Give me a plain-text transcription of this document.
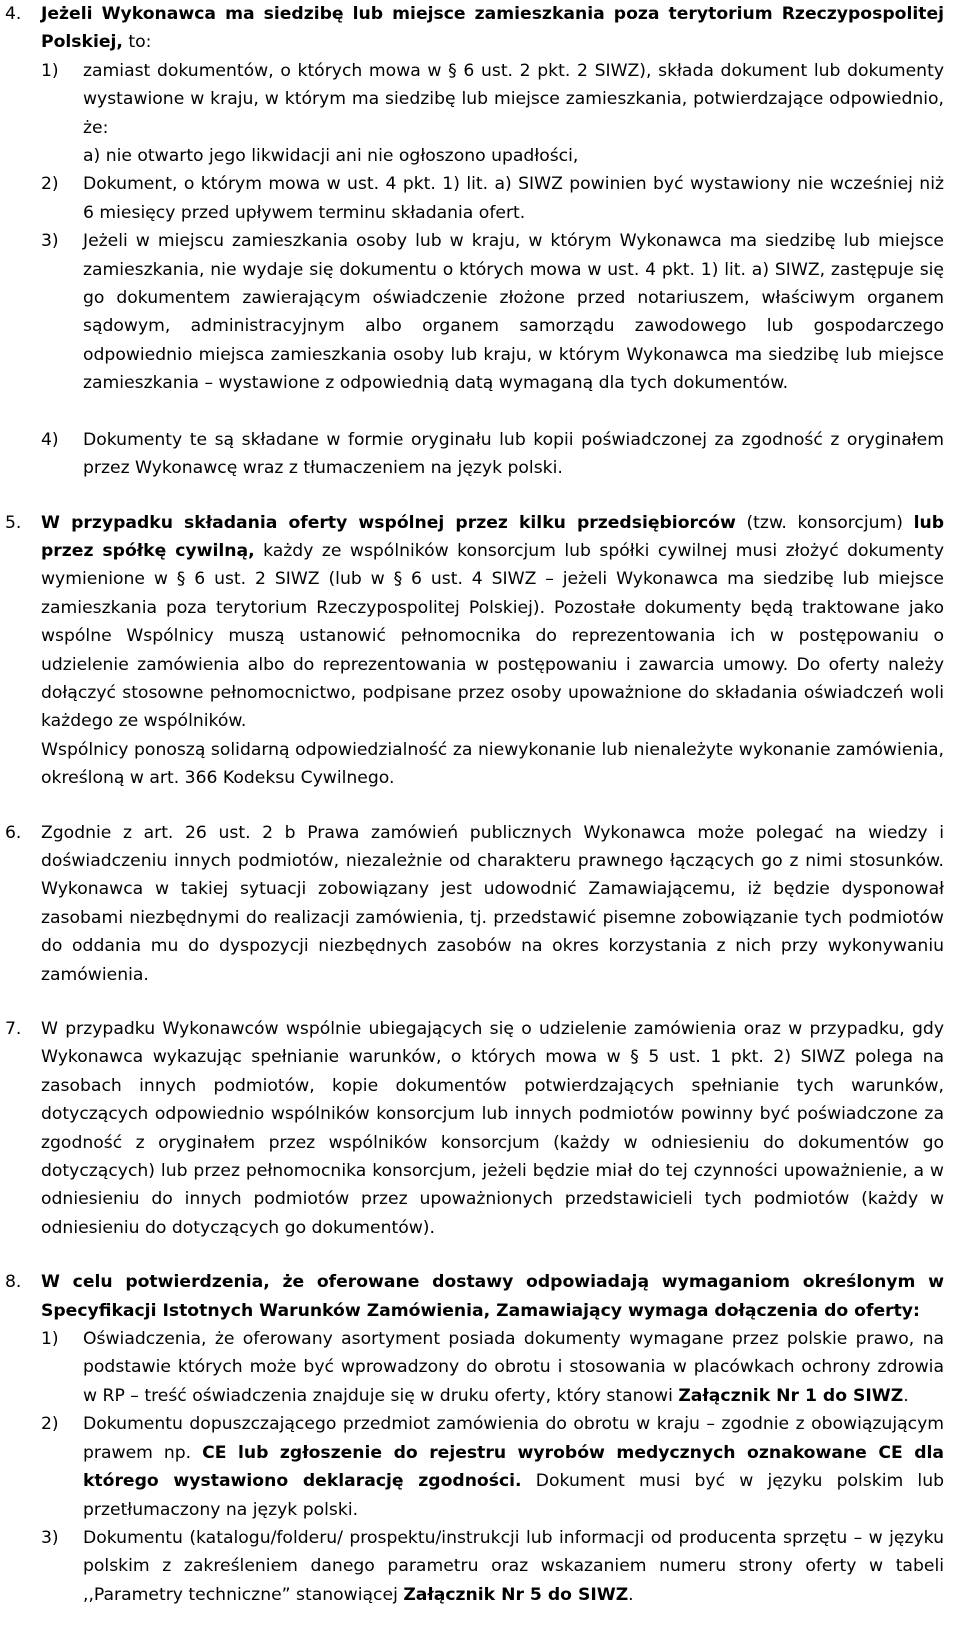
4.	Jeżeli Wykonawca ma siedzibę lub miejsce zamieszkania poza terytorium Rzeczypospolitej Polskiej, to:

1)	zamiast dokumentów, o których mowa w § 6 ust. 2 pkt. 2 SIWZ), składa dokument lub dokumenty wystawione w kraju, w którym ma siedzibę lub miejsce zamieszkania, potwierdzające odpowiednio, że:

a) nie otwarto jego likwidacji ani nie ogłoszono upadłości,

2)	Dokument, o którym mowa w ust. 4 pkt. 1) lit. a) SIWZ powinien być wystawiony nie wcześniej niż 6 miesięcy przed upływem terminu składania ofert.
3)	Jeżeli w miejscu zamieszkania osoby lub w kraju, w którym Wykonawca ma siedzibę lub miejsce zamieszkania, nie wydaje się dokumentu o których mowa w ust. 4 pkt. 1) lit. a) SIWZ, zastępuje się go dokumentem zawierającym oświadczenie złożone przed notariuszem, właściwym organem sądowym, administracyjnym albo organem samorządu zawodowego lub gospodarczego odpowiednio miejsca zamieszkania osoby lub kraju, w którym Wykonawca ma siedzibę lub miejsce zamieszkania – wystawione z odpowiednią datą wymaganą dla tych dokumentów.
4)	Dokumenty te są składane w formie oryginału lub kopii poświadczonej za zgodność z oryginałem przez Wykonawcę wraz z tłumaczeniem na język polski.
5.	W przypadku składania oferty wspólnej przez kilku przedsiębiorców (tzw. konsorcjum) lub przez spółkę cywilną, każdy ze wspólników konsorcjum lub spółki cywilnej musi złożyć dokumenty wymienione w § 6 ust. 2 SIWZ (lub w § 6 ust. 4 SIWZ – jeżeli Wykonawca ma siedzibę lub miejsce zamieszkania poza terytorium Rzeczypospolitej Polskiej). Pozostałe dokumenty będą traktowane jako wspólne Wspólnicy muszą ustanowić pełnomocnika do reprezentowania ich w postępowaniu o udzielenie zamówienia albo do reprezentowania w postępowaniu i zawarcia umowy. Do oferty należy dołączyć stosowne pełnomocnictwo, podpisane przez osoby upoważnione do składania oświadczeń woli każdego ze wspólników.

Wspólnicy ponoszą solidarną odpowiedzialność za niewykonanie lub nienależyte wykonanie zamówienia, określoną w art. 366 Kodeksu Cywilnego.

6.	Zgodnie z art. 26 ust. 2 b Prawa zamówień publicznych Wykonawca może polegać na wiedzy i doświadczeniu innych podmiotów, niezależnie od charakteru prawnego łączących go z nimi stosunków. Wykonawca w takiej sytuacji zobowiązany jest udowodnić Zamawiającemu, iż będzie dysponował zasobami niezbędnymi do realizacji zamówienia, tj. przedstawić pisemne zobowiązanie tych podmiotów do oddania mu do dyspozycji niezbędnych zasobów na okres korzystania z nich przy wykonywaniu zamówienia.

7.	W przypadku Wykonawców wspólnie ubiegających się o udzielenie zamówienia oraz w przypadku, gdy Wykonawca wykazując spełnianie warunków, o których mowa w § 5 ust. 1 pkt. 2) SIWZ polega na zasobach innych podmiotów, kopie dokumentów potwierdzających spełnianie tych warunków, dotyczących odpowiednio wspólników konsorcjum lub innych podmiotów powinny być poświadczone za zgodność z oryginałem przez wspólników konsorcjum (każdy w odniesieniu do dokumentów go dotyczących) lub przez pełnomocnika konsorcjum, jeżeli będzie miał do tej czynności upoważnienie, a w odniesieniu do innych podmiotów przez upoważnionych przedstawicieli tych podmiotów (każdy w odniesieniu do dotyczących go dokumentów).

8.	W celu potwierdzenia, że oferowane dostawy odpowiadają wymaganiom określonym w Specyfikacji Istotnych Warunków Zamówienia, Zamawiający wymaga dołączenia do oferty:

1)	Oświadczenia, że oferowany asortyment posiada dokumenty wymagane przez polskie prawo, na podstawie których może być wprowadzony do obrotu i stosowania w placówkach ochrony zdrowia w RP – treść oświadczenia znajduje się w druku oferty, który stanowi Załącznik Nr 1 do SIWZ.
2)	Dokumentu dopuszczającego przedmiot zamówienia do obrotu w kraju – zgodnie z obowiązującym prawem np. CE lub zgłoszenie do rejestru wyrobów medycznych oznakowane CE dla którego wystawiono deklarację zgodności. Dokument musi być w języku polskim lub przetłumaczony na język polski.
3)	Dokumentu (katalogu/folderu/ prospektu/instrukcji lub informacji od producenta sprzętu – w języku polskim z zakreśleniem danego parametru oraz wskazaniem numeru strony oferty w tabeli ,,Parametry techniczne” stanowiącej Załącznik Nr 5 do SIWZ.
